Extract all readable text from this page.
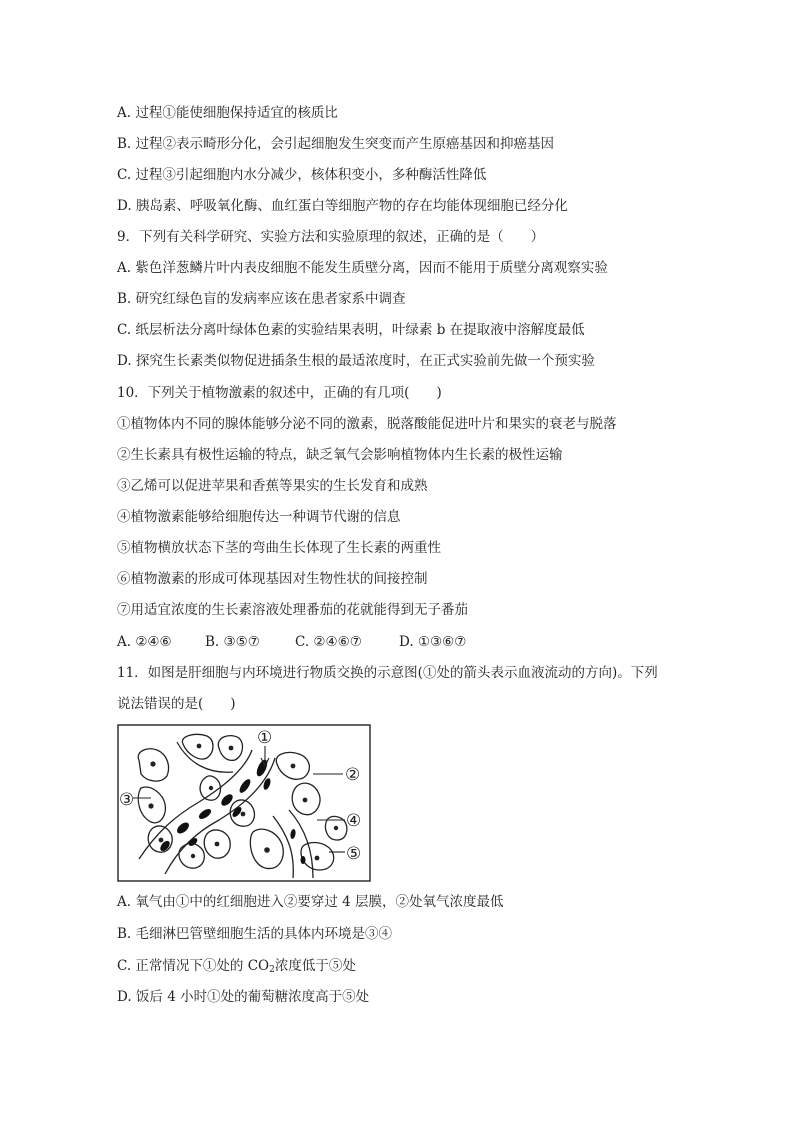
A. 过程①能使细胞保持适宜的核质比
B. 过程②表示畸形分化，会引起细胞发生突变而产生原癌基因和抑癌基因
C. 过程③引起细胞内水分减少，核体积变小，多种酶活性降低
D. 胰岛素、呼吸氧化酶、血红蛋白等细胞产物的存在均能体现细胞已经分化
9．下列有关科学研究、实验方法和实验原理的叙述，正确的是（　　）
A. 紫色洋葱鳞片叶内表皮细胞不能发生质壁分离，因而不能用于质壁分离观察实验
B. 研究红绿色盲的发病率应该在患者家系中调查
C. 纸层析法分离叶绿体色素的实验结果表明，叶绿素 b 在提取液中溶解度最低
D. 探究生长素类似物促进插条生根的最适浓度时，在正式实验前先做一个预实验
10．下列关于植物激素的叙述中，正确的有几项(　　)
①植物体内不同的腺体能够分泌不同的激素，脱落酸能促进叶片和果实的衰老与脱落
②生长素具有极性运输的特点，缺乏氧气会影响植物体内生长素的极性运输
③乙烯可以促进苹果和香蕉等果实的生长发育和成熟
④植物激素能够给细胞传达一种调节代谢的信息
⑤植物横放状态下茎的弯曲生长体现了生长素的两重性
⑥植物激素的形成可体现基因对生物性状的间接控制
⑦用适宜浓度的生长素溶液处理番茄的花就能得到无子番茄
A. ②④⑥ B. ③⑤⑦	C. ②④⑥⑦	D. ①③⑥⑦
11．如图是肝细胞与内环境进行物质交换的示意图(①处的箭头表示血液流动的方向)。下列
说法错误的是(　　)
①
②
③
④
⑤
A. 氧气由①中的红细胞进入②要穿过 4 层膜，②处氧气浓度最低
B. 毛细淋巴管壁细胞生活的具体内环境是③④
C. 正常情况下①处的 $CO_2$浓度低于⑤处
D. 饭后 4 小时①处的葡萄糖浓度高于⑤处
